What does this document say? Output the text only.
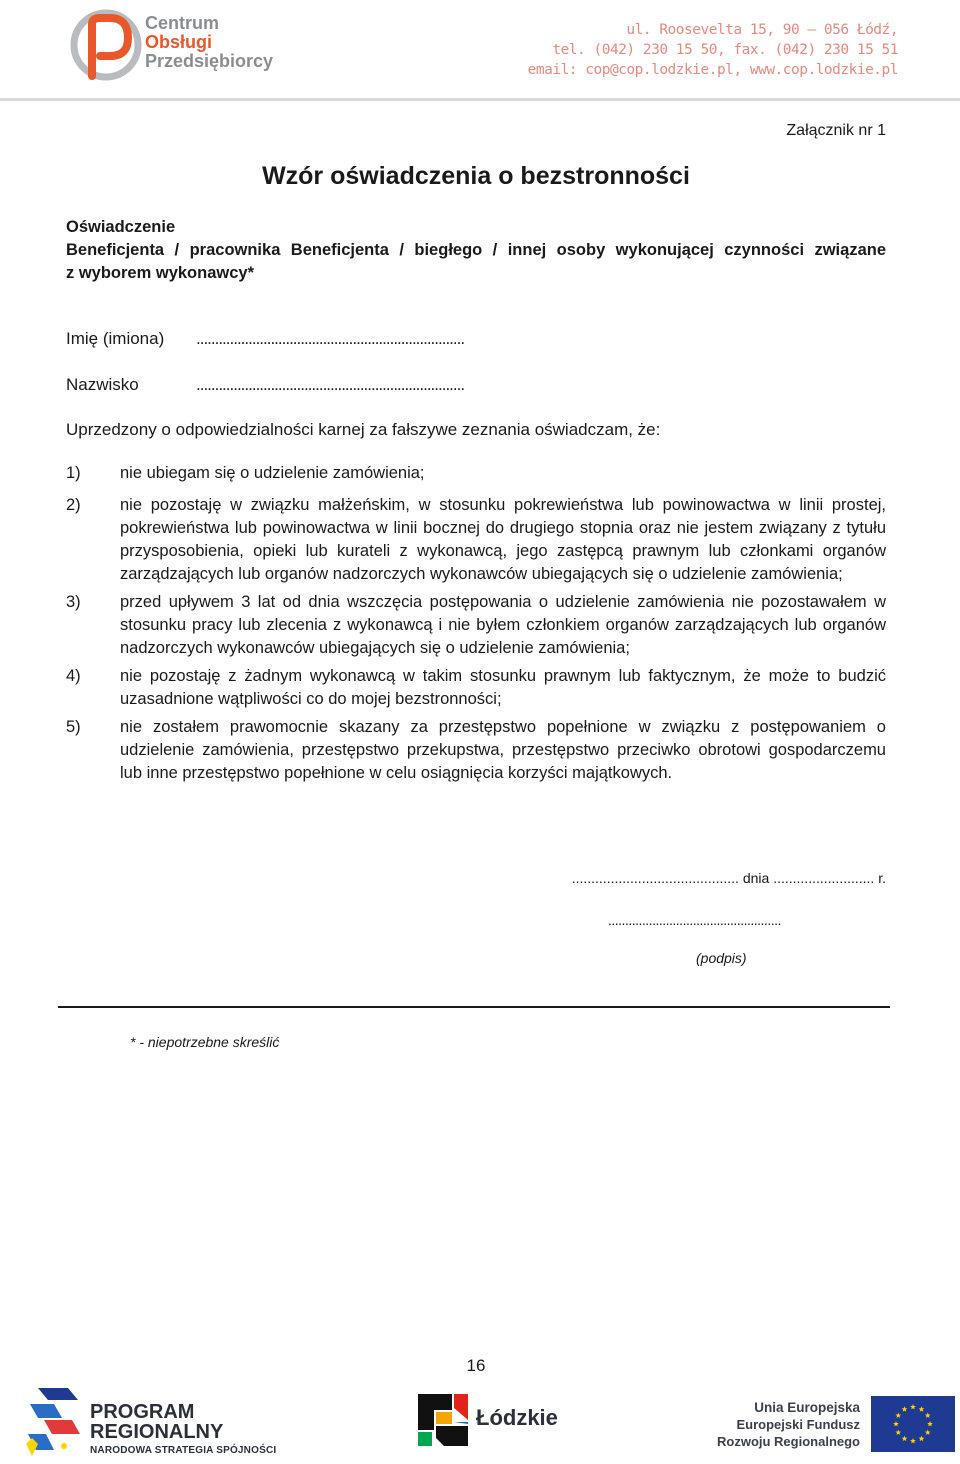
Centrum
Obsługi
Przedsiębiorcy
ul. Roosevelta 15, 90 – 056 Łódź,
tel. (042) 230 15 50, fax. (042) 230 15 51
email: cop@cop.lodzkie.pl, www.cop.lodzkie.pl
Załącznik nr 1
Wzór oświadczenia o bezstronności
Oświadczenie
Beneficjenta / pracownika Beneficjenta / biegłego / innej osoby wykonującej czynności związane
z wyborem wykonawcy*
Imię (imiona) ........................................................................
Nazwisko	........................................................................
Uprzedzony o odpowiedzialności karnej za fałszywe zeznania oświadczam, że:
1) nie ubiegam się o udzielenie zamówienia;
2) nie pozostaję w związku małżeńskim, w stosunku pokrewieństwa lub powinowactwa w linii prostej, pokrewieństwa lub powinowactwa w linii bocznej do drugiego stopnia oraz nie jestem związany z tytułu przysposobienia, opieki lub kurateli z wykonawcą, jego zastępcą prawnym lub członkami organów zarządzających lub organów nadzorczych wykonawców ubiegających się o udzielenie zamówienia;
3) przed upływem 3 lat od dnia wszczęcia postępowania o udzielenie zamówienia nie pozostawałem w stosunku pracy lub zlecenia z wykonawcą i nie byłem członkiem organów zarządzających lub organów nadzorczych wykonawców ubiegających się o udzielenie zamówienia;
4) nie pozostaję z żadnym wykonawcą w takim stosunku prawnym lub faktycznym, że może to budzić uzasadnione wątpliwości co do mojej bezstronności;
5) nie zostałem prawomocnie skazany za przestępstwo popełnione w związku z postępowaniem o udzielenie zamówienia, przestępstwo przekupstwa, przestępstwo przeciwko obrotowi gospodarczemu lub inne przestępstwo popełnione w celu osiągnięcia korzyści majątkowych.
........................................... dnia .......................... r.
...................................................
(podpis)
* - niepotrzebne skreślić
16
PROGRAM
REGIONALNY
NARODOWA STRATEGIA SPÓJNOŚCI
Łódzkie	Unia Europejska
Europejski Fundusz
Rozwoju Regionalnego
